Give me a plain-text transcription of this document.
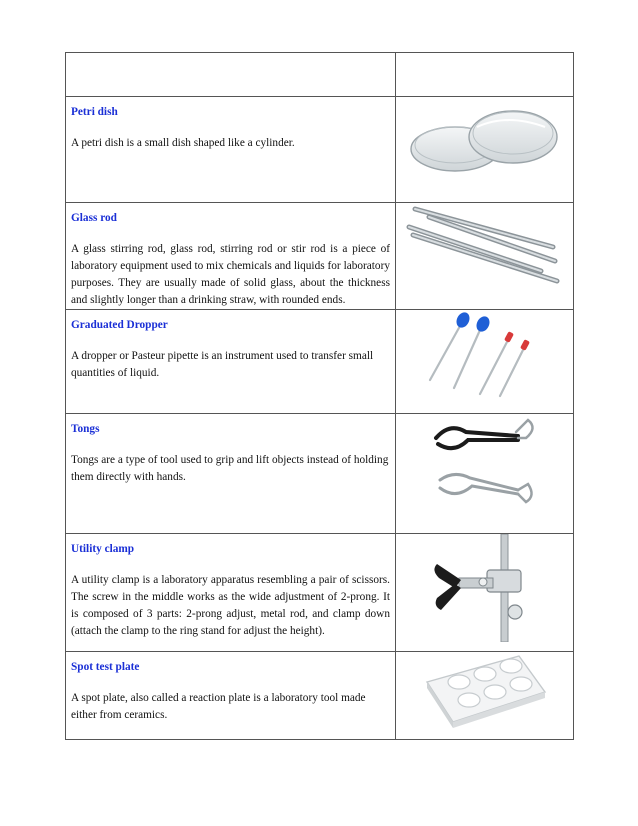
Petri dish
A petri dish is a small dish shaped like a cylinder.

Glass rod
A glass stirring rod, glass rod, stirring rod or stir rod is a piece of laboratory equipment used to mix chemicals and liquids for laboratory purposes. They are usually made of solid glass, about the thickness and slightly longer than a drinking straw, with rounded ends.

Graduated Dropper
A dropper or Pasteur pipette is an instrument used to transfer small quantities of liquid.

Tongs
Tongs are a type of tool used to grip and lift objects instead of holding them directly with hands.

Utility clamp
A utility clamp is a laboratory apparatus resembling a pair of scissors. The screw in the middle works as the wide adjustment of 2-prong. It is composed of 3 parts: 2-prong adjust, metal rod, and clamp down (attach the clamp to the ring stand for adjust the height).

Spot test plate
A spot plate, also called a reaction plate is a laboratory tool made either from ceramics.
